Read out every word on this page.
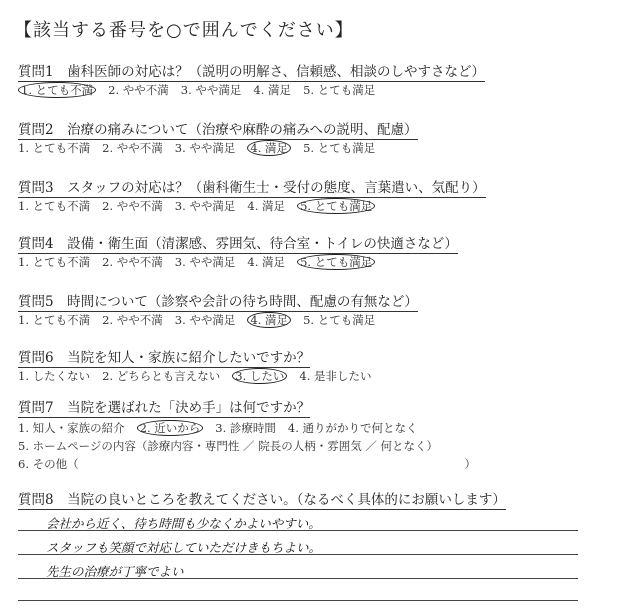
【該当する番号を○で囲んでください】
質問1　歯科医師の対応は？（説明の明解さ、信頼感、相談のしやすさなど）
1. とても不満 2. やや不満 3. やや満足 4. 満足 5. とても満足
質問2　治療の痛みについて（治療や麻酔の痛みへの説明、配慮）
1. とても不満 2. やや不満 3. やや満足 4. 満足 5. とても満足
質問3　スタッフの対応は？（歯科衛生士・受付の態度、言葉遣い、気配り）
1. とても不満 2. やや不満 3. やや満足 4. 満足 5. とても満足
質問4　設備・衛生面（清潔感、雰囲気、待合室・トイレの快適さなど）
1. とても不満 2. やや不満 3. やや満足 4. 満足 5. とても満足
質問5　時間について（診察や会計の待ち時間、配慮の有無など）
1. とても不満 2. やや不満 3. やや満足 4. 満足 5. とても満足
質問6　当院を知人・家族に紹介したいですか？
1. したくない 2. どちらとも言えない 3. したい 4. 是非したい
質問7　当院を選ばれた「決め手」は何ですか？
1. 知人・家族の紹介 2. 近いから 3. 診療時間 4. 通りがかりで何となく
5. ホームページの内容（診療内容・専門性 ／ 院長の人柄・雰囲気 ／ 何となく）
6. その他（	）
質問8　当院の良いところを教えてください。（なるべく具体的にお願いします）
会社から近く、待ち時間も少なくかよいやすい。
スタッフも笑顔で対応していただけきもちよい。
先生の治療が丁寧でよい
